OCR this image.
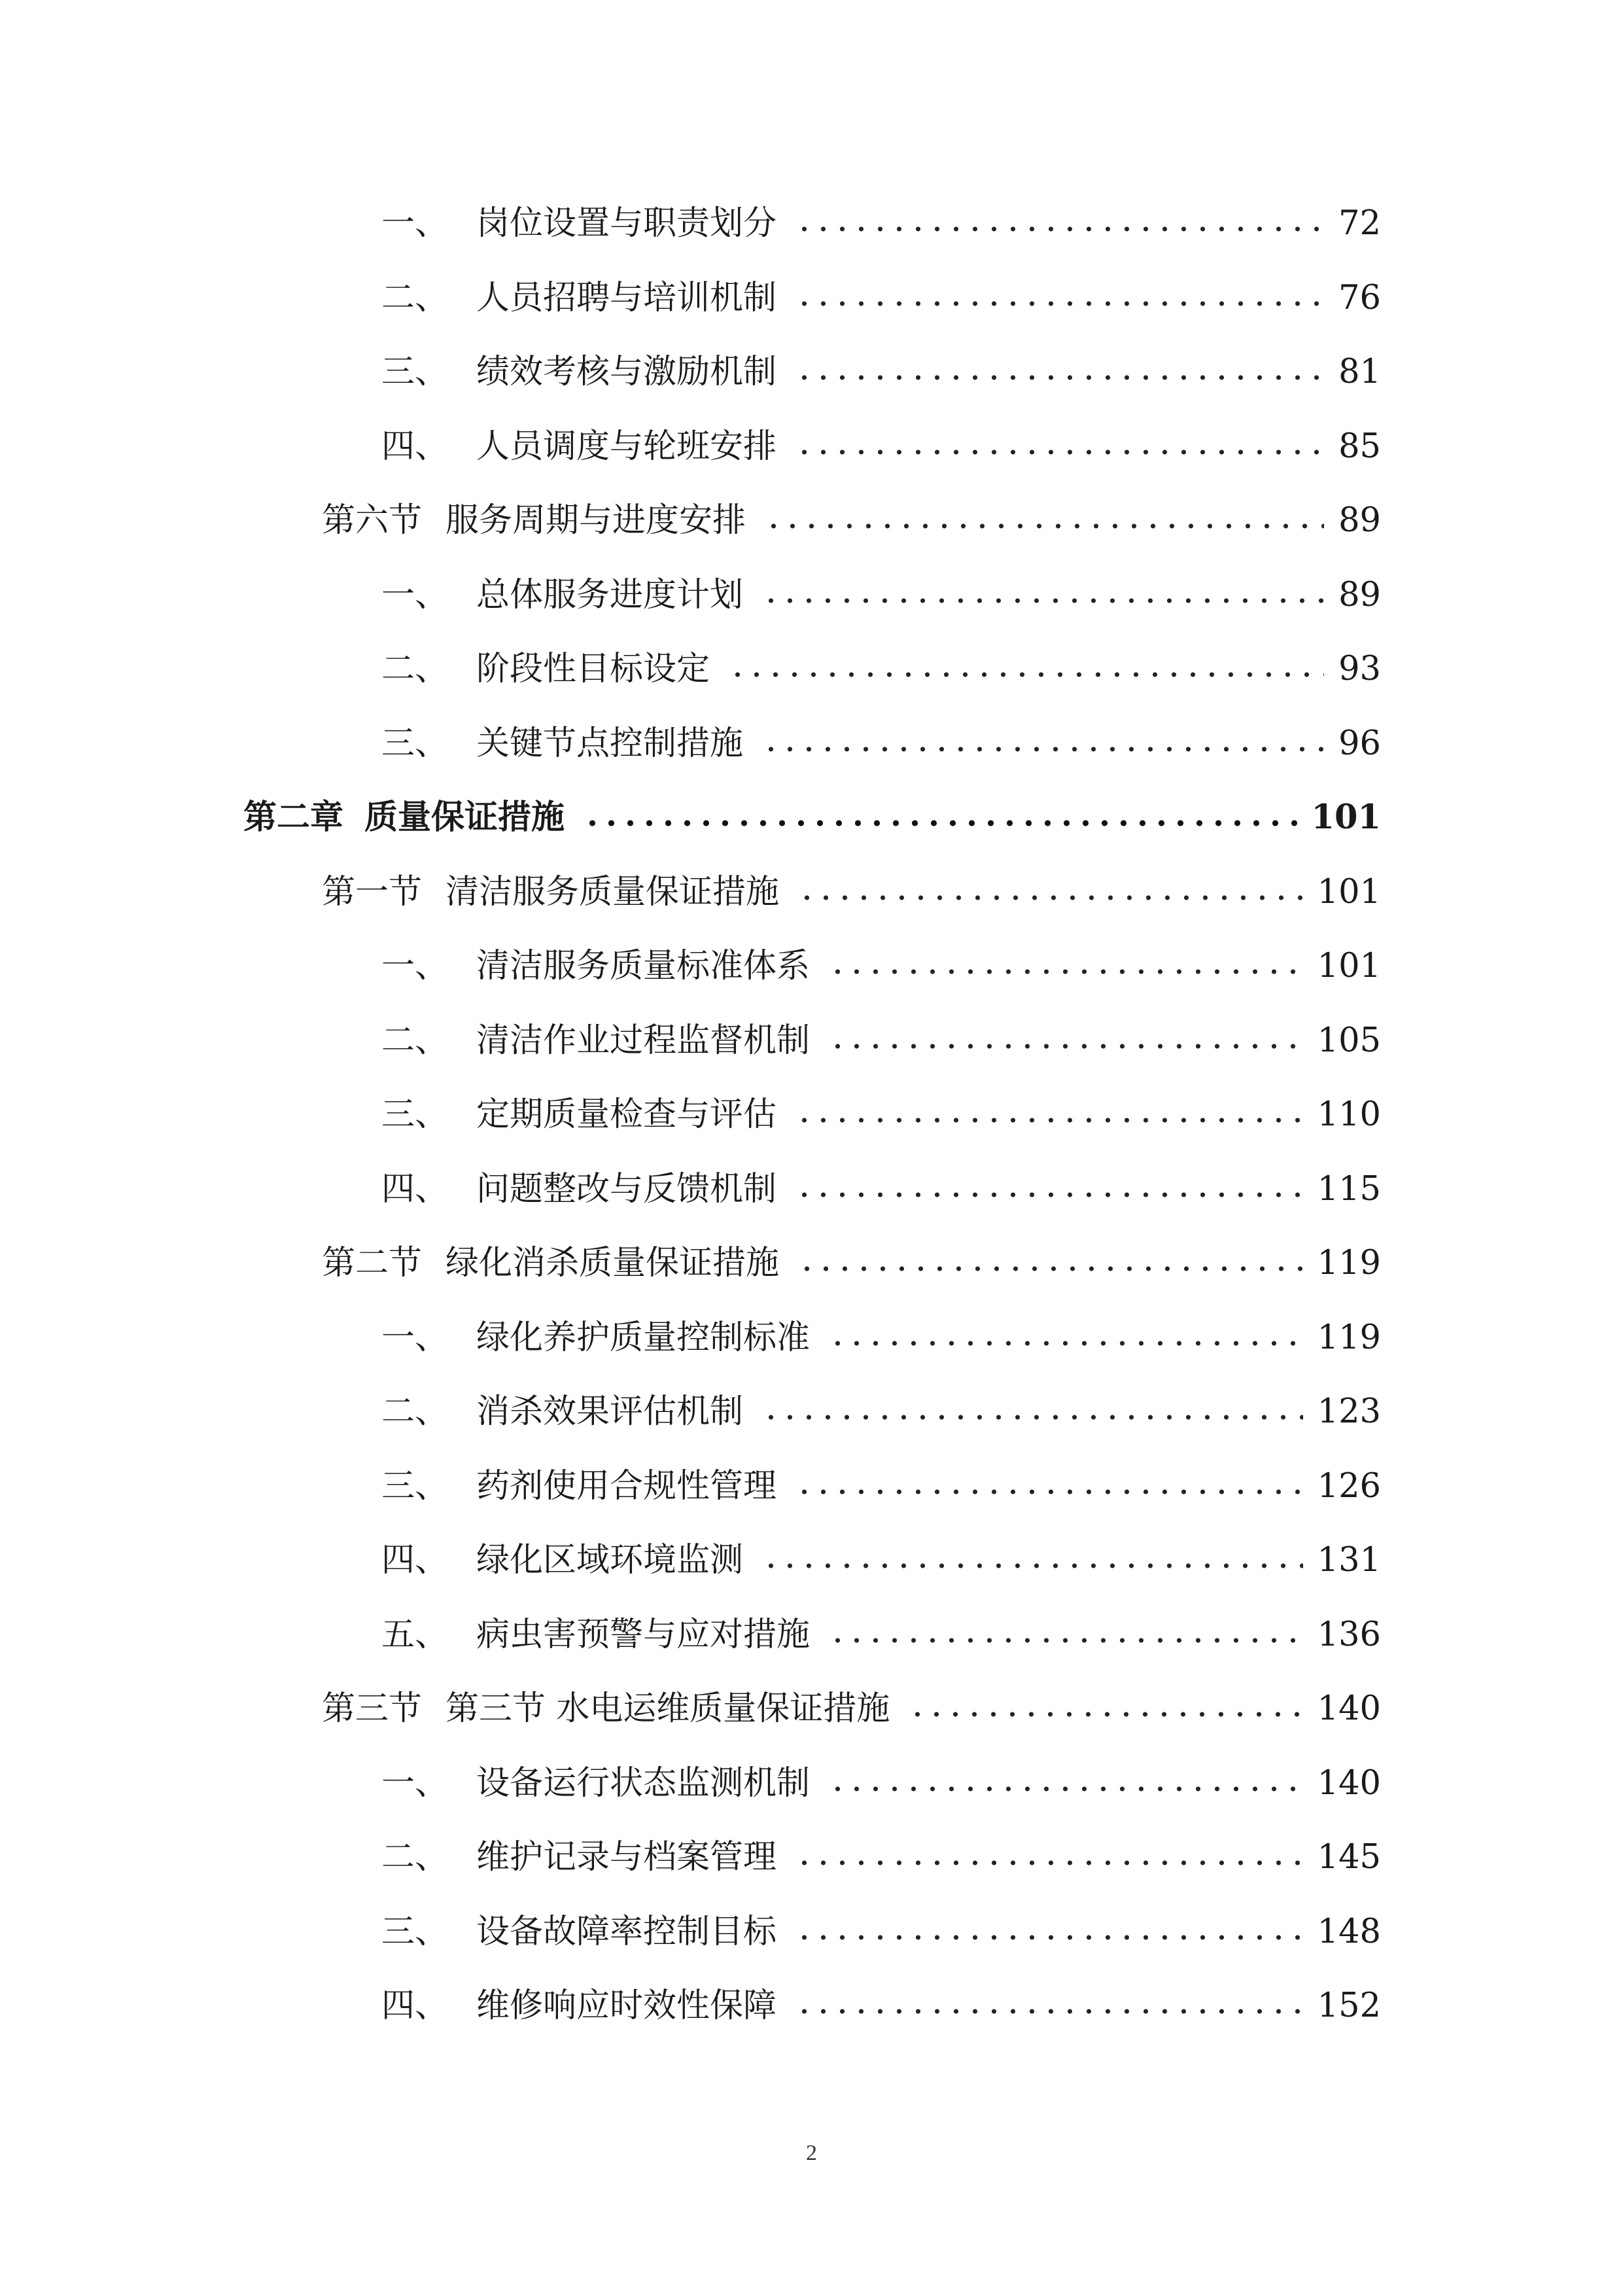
一、 岗位设置与职责划分	72
二、 人员招聘与培训机制	76
三、 绩效考核与激励机制	81
四、 人员调度与轮班安排	85
第六节 服务周期与进度安排	89
一、 总体服务进度计划	89
二、 阶段性目标设定	93
三、 关键节点控制措施	96
第二章 质量保证措施	101
第一节 清洁服务质量保证措施	101
一、 清洁服务质量标准体系	101
二、 清洁作业过程监督机制	105
三、 定期质量检查与评估	110
四、 问题整改与反馈机制	115
第二节 绿化消杀质量保证措施	119
一、 绿化养护质量控制标准	119
二、 消杀效果评估机制	123
三、 药剂使用合规性管理	126
四、 绿化区域环境监测	131
五、 病虫害预警与应对措施	136
第三节 第三节 水电运维质量保证措施	140
一、 设备运行状态监测机制	140
二、 维护记录与档案管理	145
三、 设备故障率控制目标	148
四、 维修响应时效性保障	152
2
